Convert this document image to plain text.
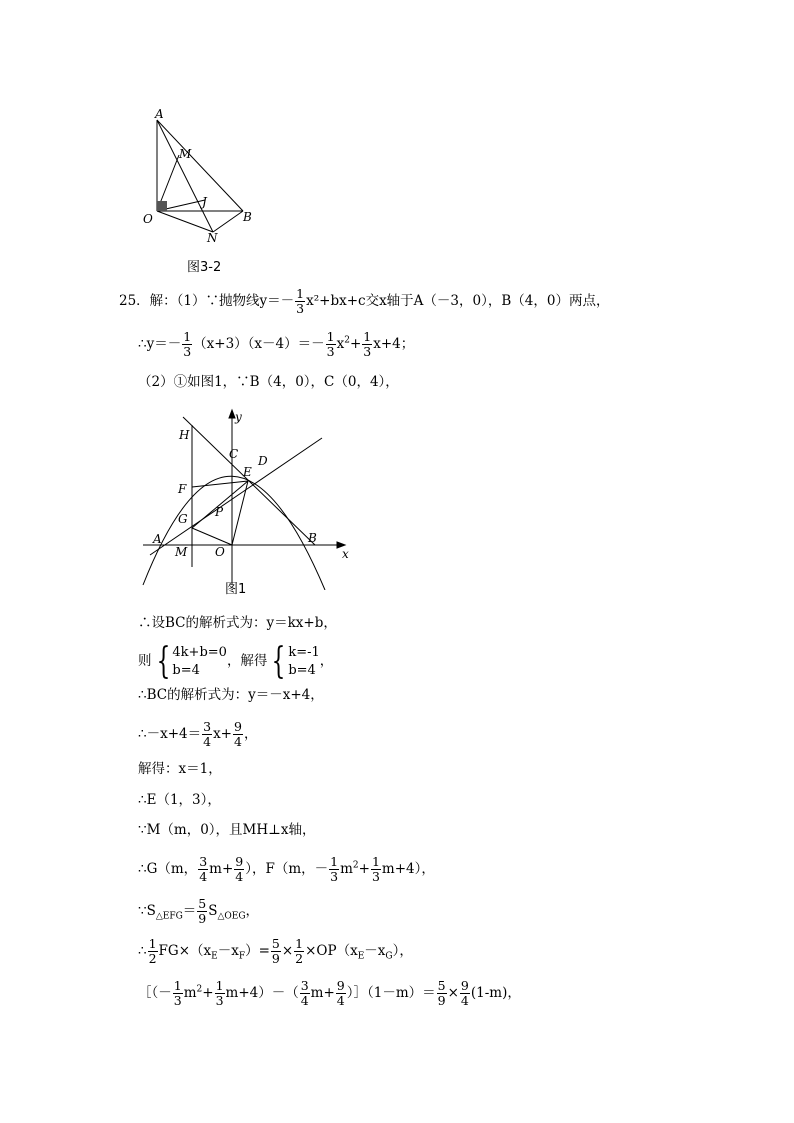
A
M
J
O	B
N
图3-2
25．解：（1）∵抛物线$y=- \frac{1}{3} x^2+bx+c$交x轴于A（－3，0），B（4，0）两点，
∴y＝－ $\frac{1}{3} (x+3)(x-4)=- \frac{1}{3} x^2+ \frac{1}{3} x+4$；
（2）①如图1，∵B（4，0），C（0，4），
y
H
C D
E
F
G P
A
M O
B
x
图1
∴设BC的解析式为：y＝kx+b，
则 { 4k+b=0
b=4
，解得 { k=-1
b=4
，
∴BC的解析式为：y＝－x+4，
∴－x+4＝ $\frac{3}{4} x+ \frac{9}{4}$ ，
解得：x＝1，
∴E（1，3），
∵M（m，0），且MH⊥x轴，
∴G（m， $\frac{3}{4} m+ \frac{9}{4}$ ），F（m，－ $\frac{1}{3} m^2+ \frac{1}{3} m+4$），
$\because S_{\triangle EFG}= \frac{5}{9} S_{\triangle OEG}$，
∴ $\frac{1}{2} FG\times(x_E-x_F)= \frac{5}{9} \times \frac{1}{2} \times OP(x_E-x_G)$，
［（－ $\frac{1}{3} m^2+ \frac{1}{3} m+4)-( \frac{3}{4} m+ \frac{9}{4}$ ）］（1－m）＝ $\frac{5}{9} \times \frac{9}{4} (1-m)$，
